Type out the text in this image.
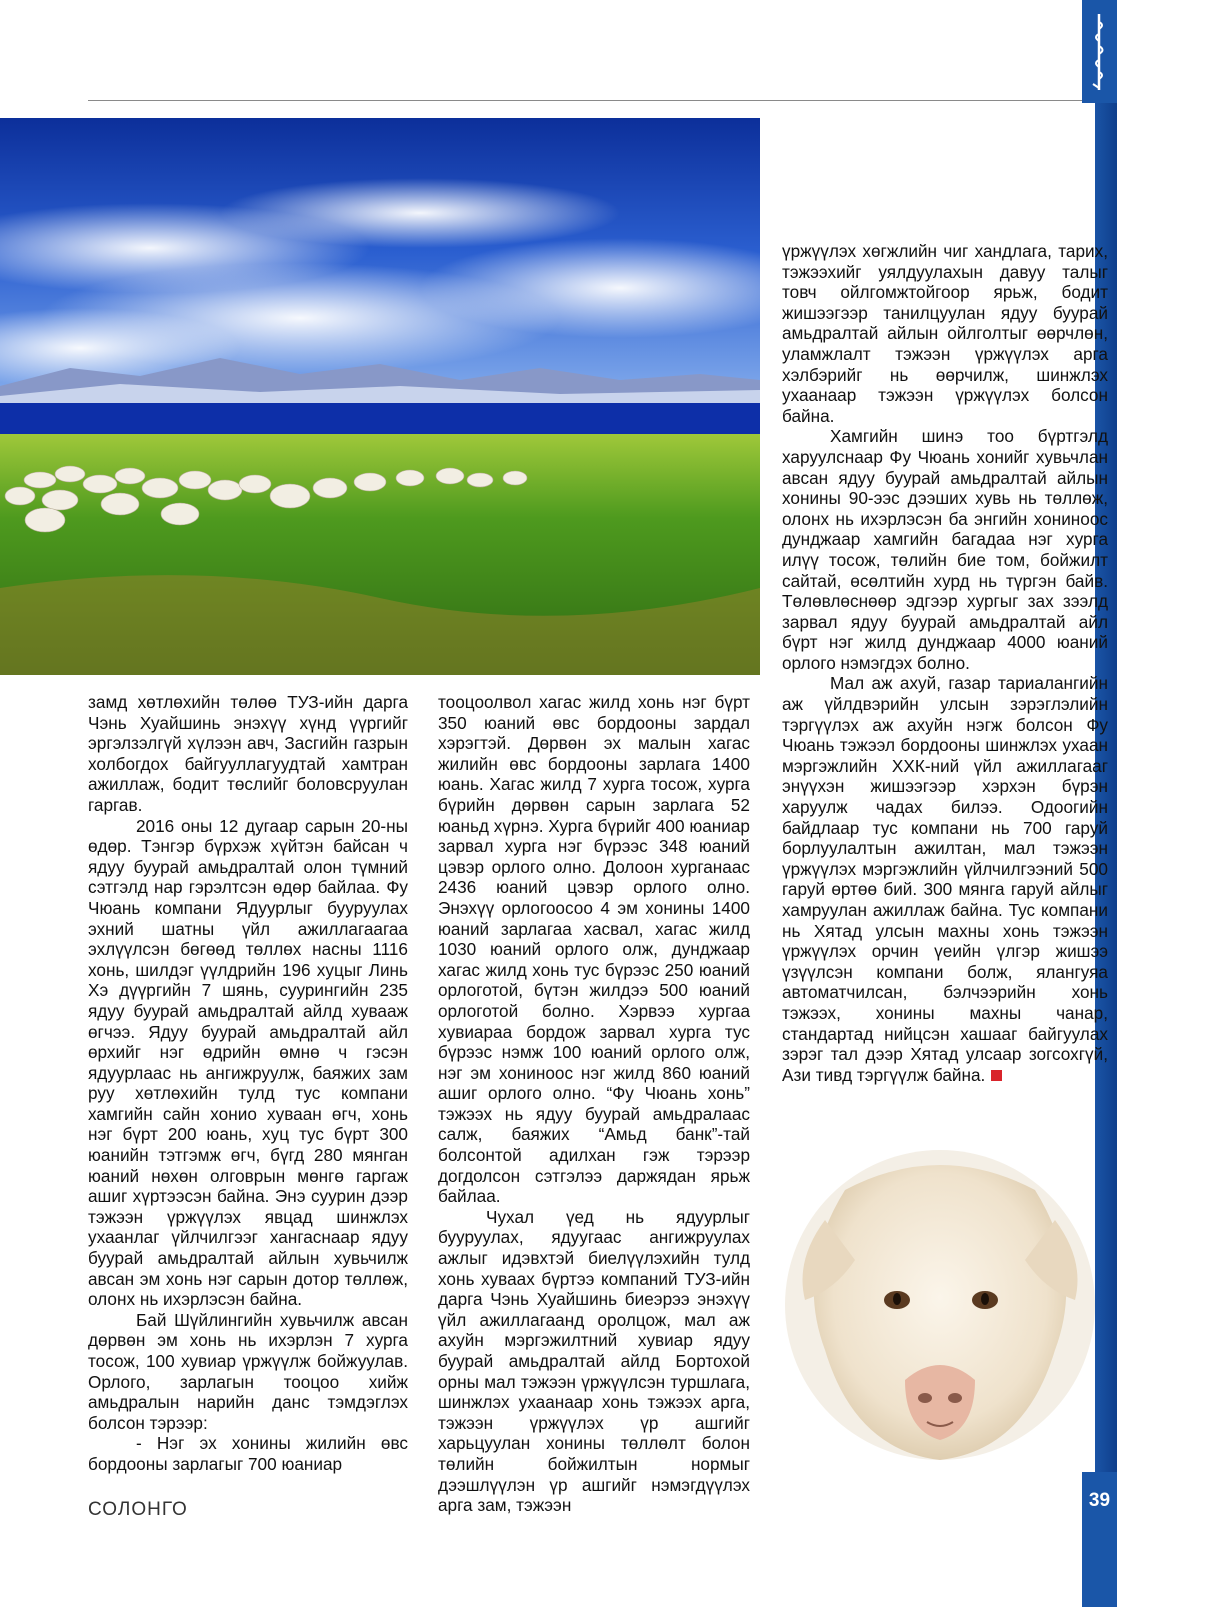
замд хөтлөхийн төлөө ТУЗ-ийн дарга Чэнь Хуайшинь энэхүү хүнд үүргийг эргэлзэлгүй хүлээн авч, Засгийн газрын холбогдох байгууллагуудтай хамтран ажиллаж, бодит төслийг боловсруулан гаргав.

2016 оны 12 дугаар сарын 20-ны өдөр. Тэнгэр бүрхэж хүйтэн байсан ч ядуу буурай амьдралтай олон түмний сэтгэлд нар гэрэлтсэн өдөр байлаа. Фу Чюань компани Ядуурлыг бууруулах эхний шатны үйл ажиллагаагаа эхлүүлсэн бөгөөд төллөх насны 1116 хонь, шилдэг үүлдрийн 196 хуцыг Линь Хэ дүүргийн 7 шянь, суурингийн 235 ядуу буурай амьдралтай айлд хувааж өгчээ. Ядуу буурай амьдралтай айл өрхийг нэг өдрийн өмнө ч гэсэн ядуурлаас нь ангижруулж, баяжих зам руу хөтлөхийн тулд тус компани хамгийн сайн хонио хуваан өгч, хонь нэг бүрт 200 юань, хуц тус бүрт 300 юанийн тэтгэмж өгч, бүгд 280 мянган юаний нөхөн олговрын мөнгө гаргаж ашиг хүртээсэн байна. Энэ суурин дээр тэжээн үржүүлэх явцад шинжлэх ухаанлаг үйлчилгээг хангаснаар ядуу буурай амьдралтай айлын хувьчилж авсан эм хонь нэг сарын дотор төллөж, олонх нь ихэрлэсэн байна.

Бай Шүйлингийн хувьчилж авсан дөрвөн эм хонь нь ихэрлэн 7 хурга тосож, 100 хувиар үржүүлж бойжуулав. Орлого, зарлагын тооцоо хийж амьдралын нарийн данс тэмдэглэх болсон тэрээр:

- Нэг эх хонины жилийн өвс бордооны зарлагыг 700 юаниар

тооцоолвол хагас жилд хонь нэг бүрт 350 юаний өвс бордооны зардал хэрэгтэй. Дөрвөн эх малын хагас жилийн өвс бордооны зарлага 1400 юань. Хагас жилд 7 хурга тосож, хурга бүрийн дөрвөн сарын зарлага 52 юаньд хүрнэ. Хурга бүрийг 400 юаниар зарвал хурга нэг бүрээс 348 юаний цэвэр орлого олно. Долоон хурганаас 2436 юаний цэвэр орлого олно. Энэхүү орлогоосоо 4 эм хонины 1400 юаний зарлагаа хасвал, хагас жилд 1030 юаний орлого олж, дунджаар хагас жилд хонь тус бүрээс 250 юаний орлоготой, бүтэн жилдээ 500 юаний орлоготой болно. Хэрвээ хургаа хувиараа бордож зарвал хурга тус бүрээс нэмж 100 юаний орлого олж, нэг эм хониноос нэг жилд 860 юаний ашиг орлого олно. “Фу Чюань хонь” тэжээх нь ядуу буурай амьдралаас салж, баяжих “Амьд банк”-тай болсонтой адилхан гэж тэрээр догдолсон сэтгэлээ даржядан ярьж байлаа.

Чухал үед нь ядуурлыг бууруулах, ядуугаас ангижруулах ажлыг идэвхтэй биелүүлэхийн тулд хонь хуваах бүртээ компаний ТУЗ-ийн дарга Чэнь Хуайшинь биеэрээ энэхүү үйл ажиллагаанд оролцож, мал аж ахуйн мэргэжилтний хувиар ядуу буурай амьдралтай айлд Бортохой орны мал тэжээн үржүүлсэн туршлага, шинжлэх ухаанаар хонь тэжээх арга, тэжээн үржүүлэх үр ашгийг харьцуулан хонины төллөлт болон төлийн бойжилтын нормыг дээшлүүлэн үр ашгийг нэмэгдүүлэх арга зам, тэжээн

үржүүлэх хөгжлийн чиг хандлага, тарих, тэжээхийг уялдуулахын давуу талыг товч ойлгомжтойгоор ярьж, бодит жишээгээр танилцуулан ядуу буурай амьдралтай айлын ойлголтыг өөрчлөн, уламжлалт тэжээн үржүүлэх арга хэлбэрийг нь өөрчилж, шинжлэх ухаанаар тэжээн үржүүлэх болсон байна.

Хамгийн шинэ тоо бүртгэлд харуулснаар Фу Чюань хонийг хувьчлан авсан ядуу буурай амьдралтай айлын хонины 90-ээс дээших хувь нь төллөж, олонх нь ихэрлэсэн ба энгийн хониноос дунджаар хамгийн багадаа нэг хурга илүү тосож, төлийн бие том, бойжилт сайтай, өсөлтийн хурд нь түргэн байв. Төлөвлөснөөр эдгээр хургыг зах зээлд зарвал ядуу буурай амьдралтай айл бүрт нэг жилд дунджаар 4000 юаний орлого нэмэгдэх болно.

Мал аж ахуй, газар тариалангийн аж үйлдвэрийн улсын зэрэглэлийн тэргүүлэх аж ахуйн нэгж болсон Фу Чюань тэжээл бордооны шинжлэх ухаан мэргэжлийн ХХК-ний үйл ажиллагааг энүүхэн жишээгээр хэрхэн бүрэн харуулж чадах билээ. Одоогийн байдлаар тус компани нь 700 гаруй борлуулалтын ажилтан, мал тэжээн үржүүлэх мэргэжлийн үйлчилгээний 500 гаруй өртөө бий. 300 мянга гаруй айлыг хамруулан ажиллаж байна. Тус компани нь Хятад улсын махны хонь тэжээн үржүүлэх орчин үеийн үлгэр жишээ үзүүлсэн компани болж, ялангуяа автоматчилсан, бэлчээрийн хонь тэжээх, хонины махны чанар, стандартад нийцсэн хашааг байгуулах зэрэг тал дээр Хятад улсаар зогсохгүй, Ази тивд тэргүүлж байна.

СОЛОНГО	39
